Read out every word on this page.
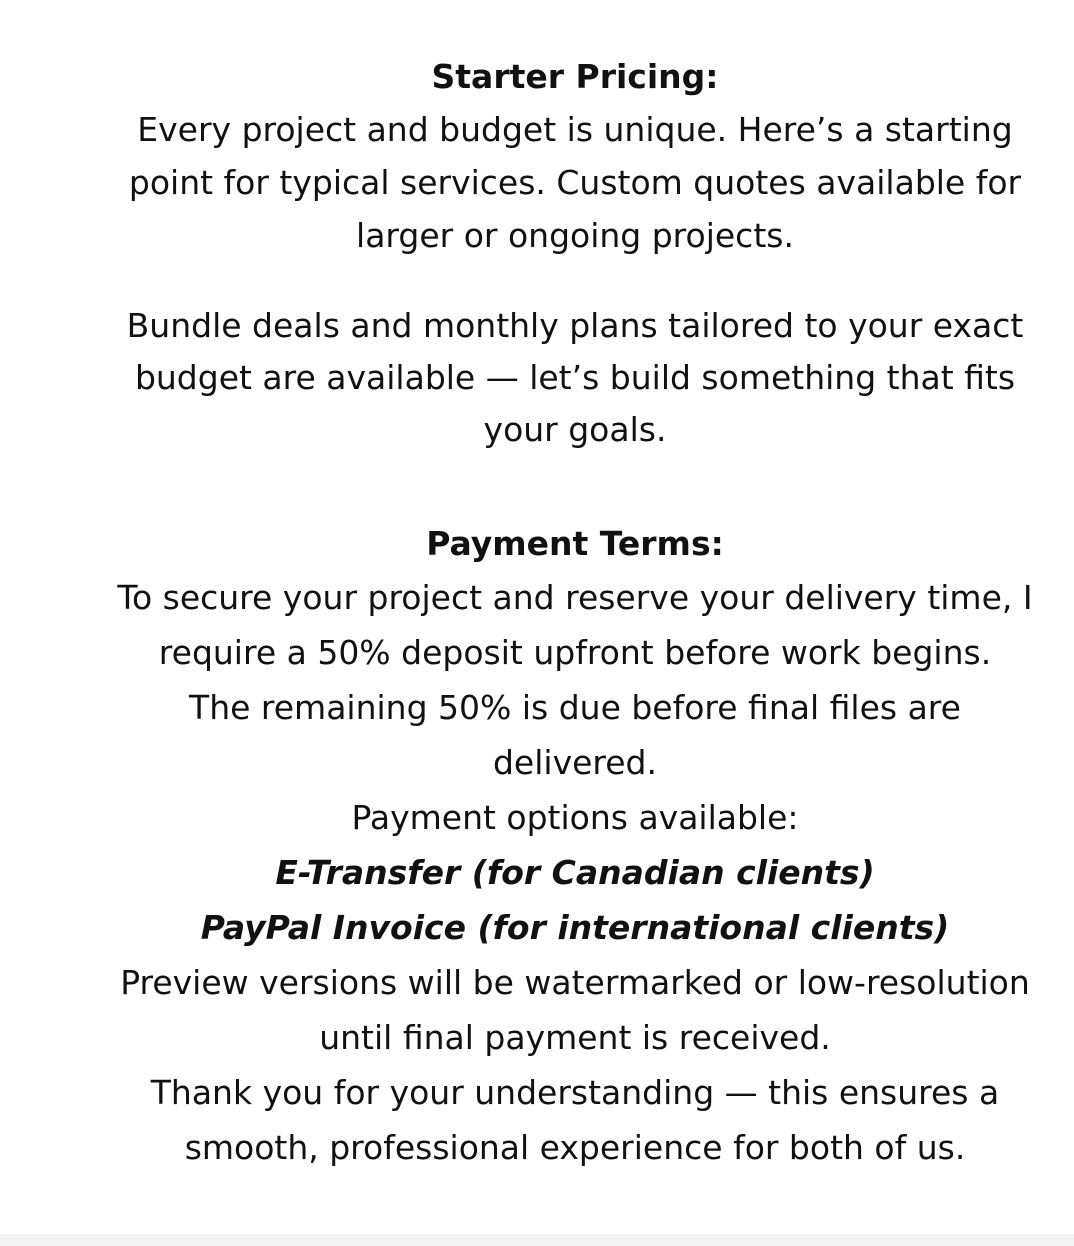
Starter Pricing:

Every project and budget is unique. Here’s a starting point for typical services. Custom quotes available for larger or ongoing projects.

Bundle deals and monthly plans tailored to your exact budget are available — let’s build something that fits your goals.

Payment Terms:

To secure your project and reserve your delivery time, I require a 50% deposit upfront before work begins.

The remaining 50% is due before final files are delivered.

Payment options available:
E-Transfer (for Canadian clients)
PayPal Invoice (for international clients)

Preview versions will be watermarked or low-resolution until final payment is received.

Thank you for your understanding — this ensures a smooth, professional experience for both of us.
